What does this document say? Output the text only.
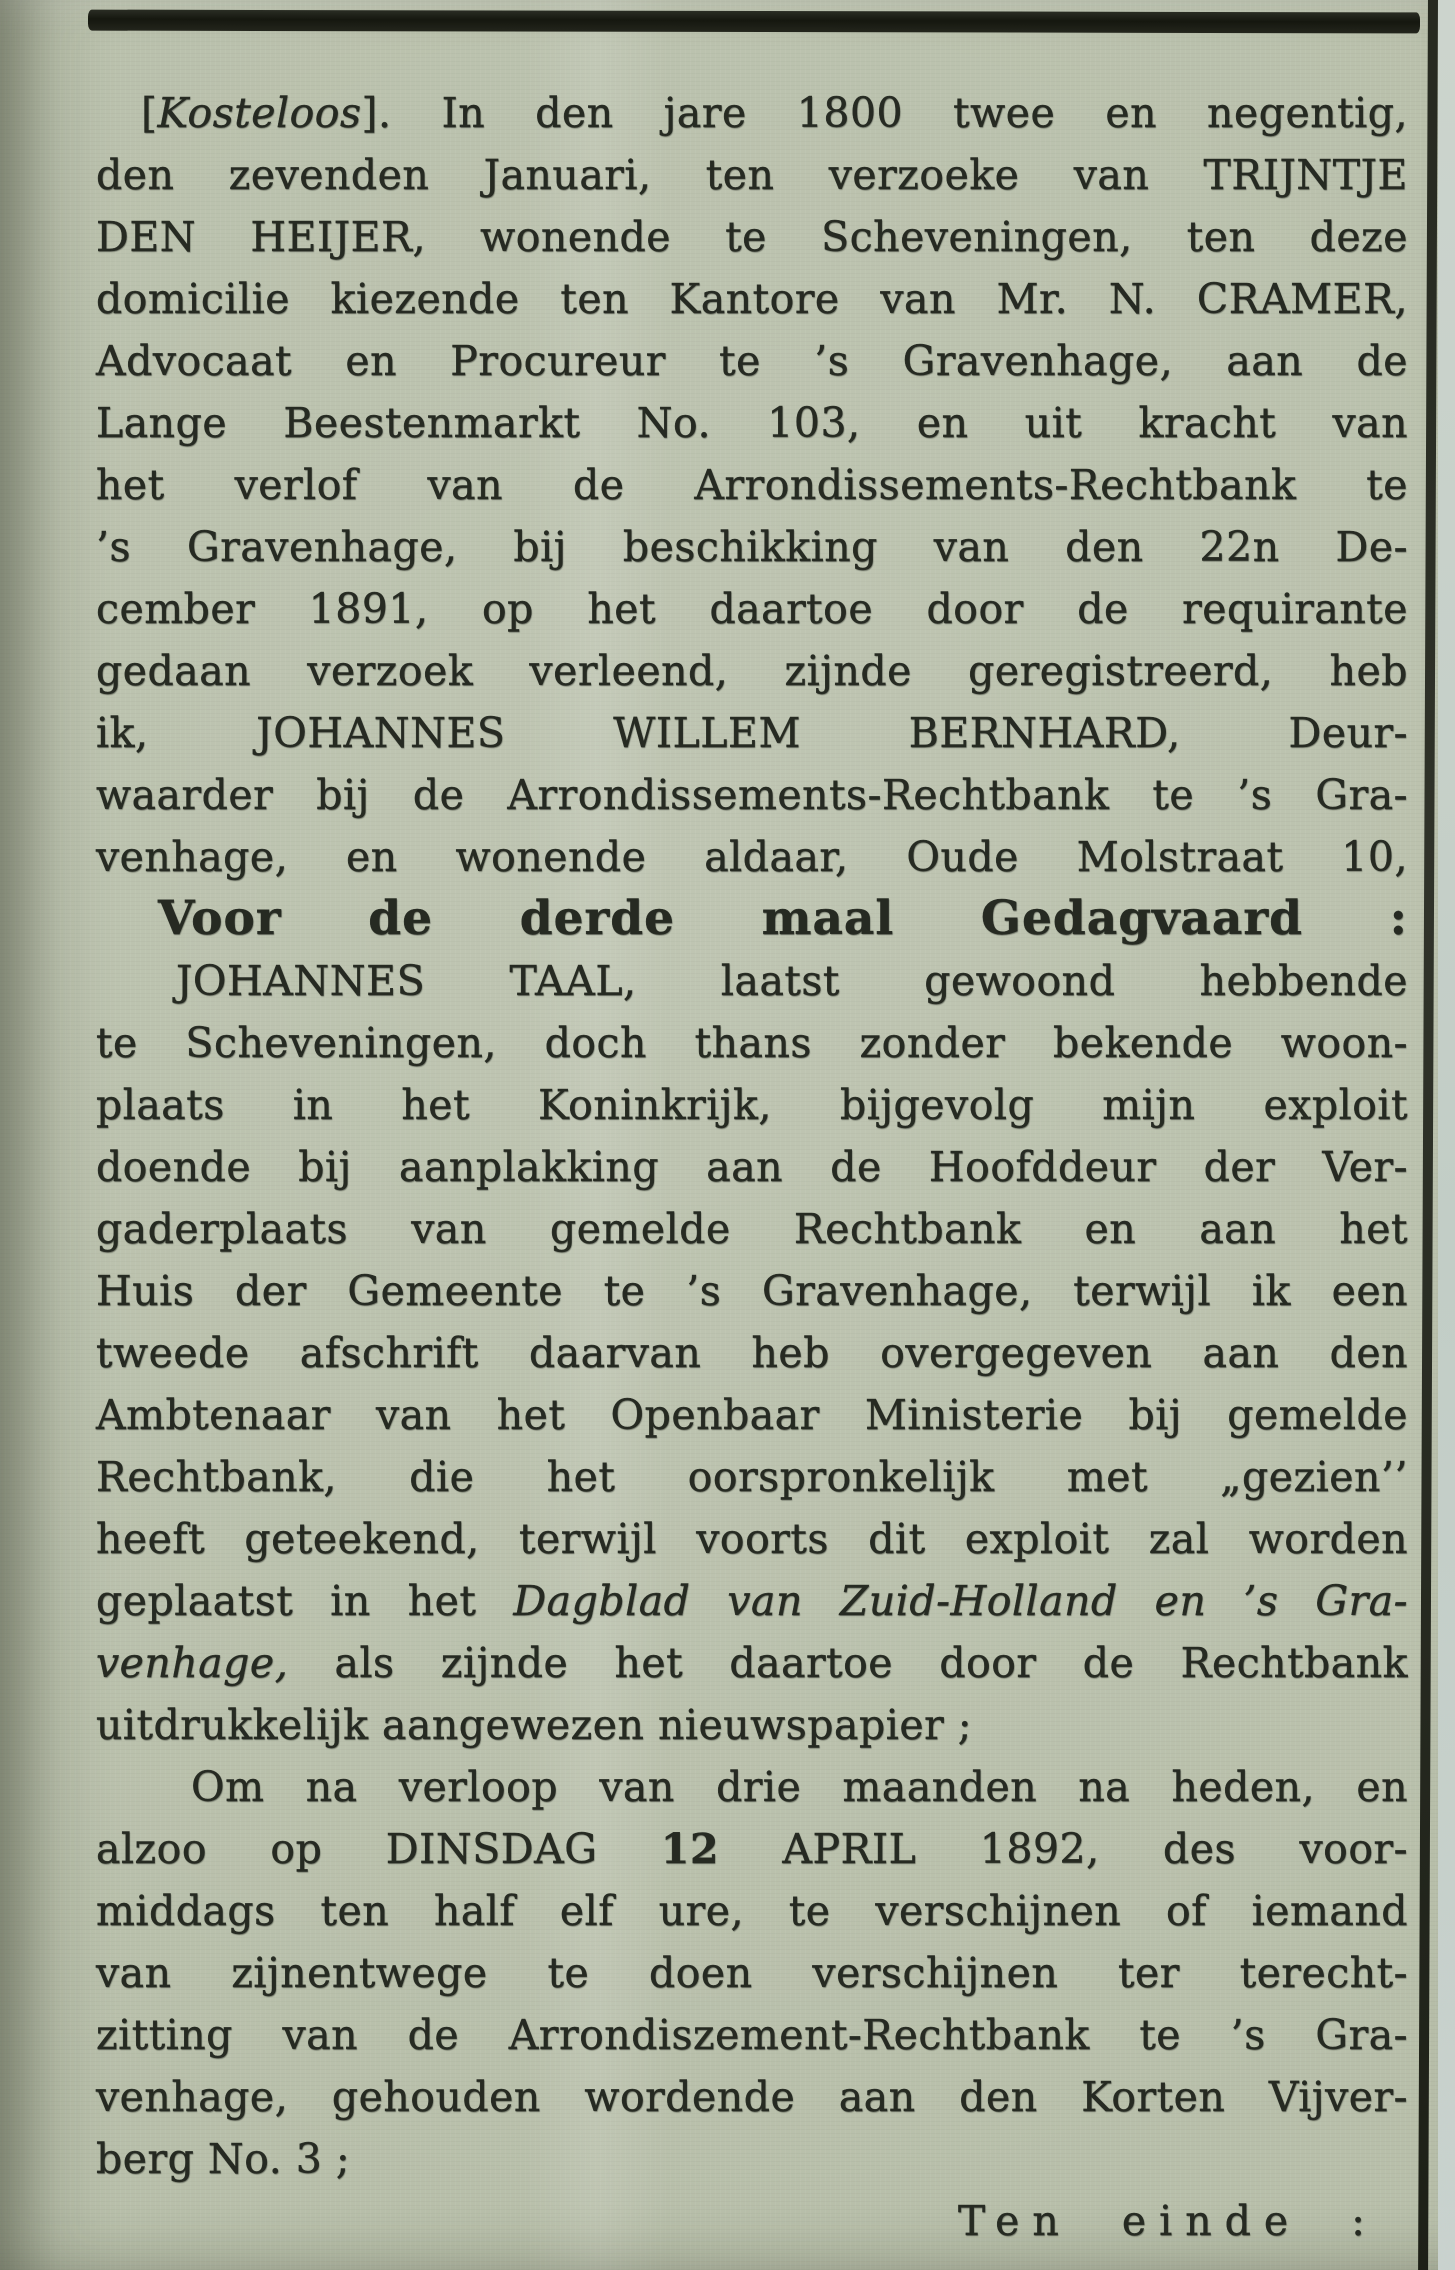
[Kosteloos]. In den jare 1800 twee en negentig,
den zevenden Januari, ten verzoeke van TRIJNTJE
DEN HEIJER, wonende te Scheveningen, ten deze
domicilie kiezende ten Kantore van Mr. N. CRAMER,
Advocaat en Procureur te ’s Gravenhage, aan de
Lange Beestenmarkt No. 103, en uit kracht van
het verlof van de Arrondissements-Rechtbank te
’s Gravenhage, bij beschikking van den 22n De-
cember 1891, op het daartoe door de requirante
gedaan verzoek verleend, zijnde geregistreerd, heb
ik, JOHANNES WILLEM BERNHARD, Deur-
waarder bij de Arrondissements-Rechtbank te ’s Gra-
venhage, en wonende aldaar, Oude Molstraat 10,
Voor de derde maal Gedagvaard :
JOHANNES TAAL, laatst gewoond hebbende
te Scheveningen, doch thans zonder bekende woon-
plaats in het Koninkrijk, bijgevolg mijn exploit
doende bij aanplakking aan de Hoofddeur der Ver-
gaderplaats van gemelde Rechtbank en aan het
Huis der Gemeente te ’s Gravenhage, terwijl ik een
tweede afschrift daarvan heb overgegeven aan den
Ambtenaar van het Openbaar Ministerie bij gemelde
Rechtbank, die het oorspronkelijk met „gezien’’
heeft geteekend, terwijl voorts dit exploit zal worden
geplaatst in het Dagblad van Zuid-Holland en ’s Gra-
venhage, als zijnde het daartoe door de Rechtbank
uitdrukkelijk aangewezen nieuwspapier ;
Om na verloop van drie maanden na heden, en
alzoo op DINSDAG 12 APRIL 1892, des voor-
middags ten half elf ure, te verschijnen of iemand
van zijnentwege te doen verschijnen ter terecht-
zitting van de Arrondiszement-Rechtbank te ’s Gra-
venhage, gehouden wordende aan den Korten Vijver-
berg No. 3 ;
Ten einde :
